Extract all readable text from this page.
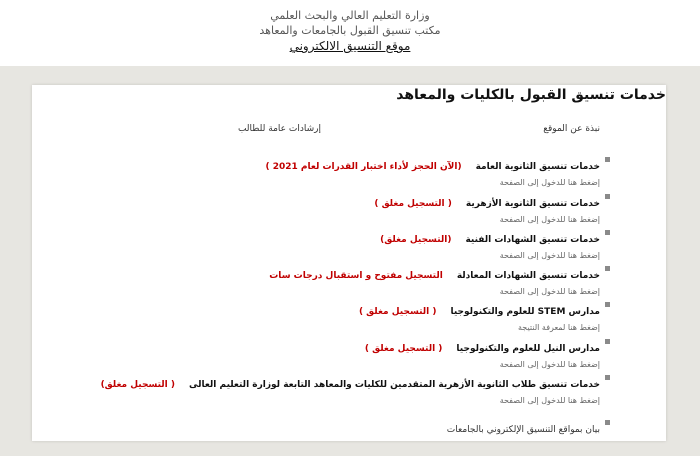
وزارة التعليم العالي والبحث العلمي
مكتب تنسيق القبول بالجامعات والمعاهد
موقع التنسيق الالكتروني
خدمات تنسيق القبول بالكليات والمعاهد
نبذة عن الموقع
إرشادات عامة للطالب
خدمات تنسيق الثانوية العامة(الآن الحجز لأداء اختبار القدرات لعام 2021 )
إضغط هنا للدخول إلى الصفحة
خدمات تنسيق الثانوية الأزهرية( التسجيل مغلق )
إضغط هنا للدخول إلى الصفحة
خدمات تنسيق الشهادات الفنية(التسجيل مغلق)
إضغط هنا للدخول إلى الصفحة
خدمات تنسيق الشهادات المعادلةالتسجيل مفتوح و استقبال درجات سات
إضغط هنا للدخول إلى الصفحة
مدارس STEM للعلوم والتكنولوجيا( التسجيل مغلق )
إضغط هنا لمعرفة النتيجة
مدارس النيل للعلوم والتكنولوجيا( التسجيل مغلق )
إضغط هنا للدخول إلى الصفحة
خدمات تنسيق طلاب الثانوية الأزهرية المتقدمين للكليات والمعاهد التابعة لوزارة التعليم العالى( التسجيل مغلق)
إضغط هنا للدخول إلى الصفحة
بيان بمواقع التنسيق الإلكتروني بالجامعات
